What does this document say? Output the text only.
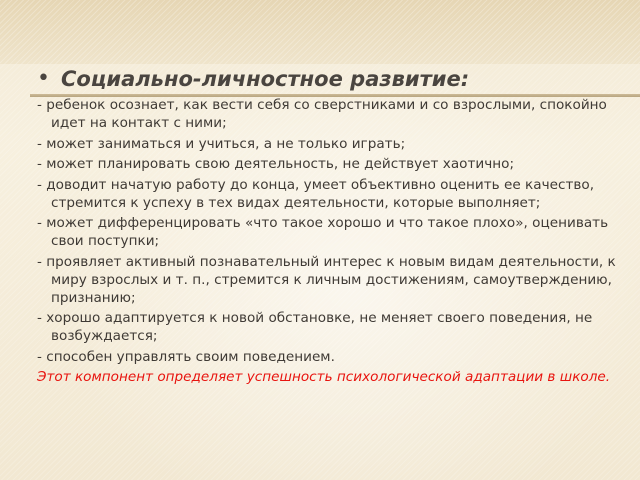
• Социально-личностное развитие:

- ребенок осознает, как вести себя со сверстниками и со взрослыми, спокойно идет на контакт с ними;

- может заниматься и учиться, а не только играть;

- может планировать свою деятельность, не действует хаотично;

- доводит начатую работу до конца, умеет объективно оценить ее качество, стремится к успеху в тех видах деятельности, которые выполняет;

- может дифференцировать «что такое хорошо и что такое плохо», оценивать свои поступки;

- проявляет активный познавательный интерес к новым видам деятельности, к миру взрослых и т. п., стремится к личным достижениям, самоутверждению, признанию;

- хорошо адаптируется к новой обстановке, не меняет своего поведения, не возбуждается;

- способен управлять своим поведением.

Этот компонент определяет успешность психологической адаптации в школе.
